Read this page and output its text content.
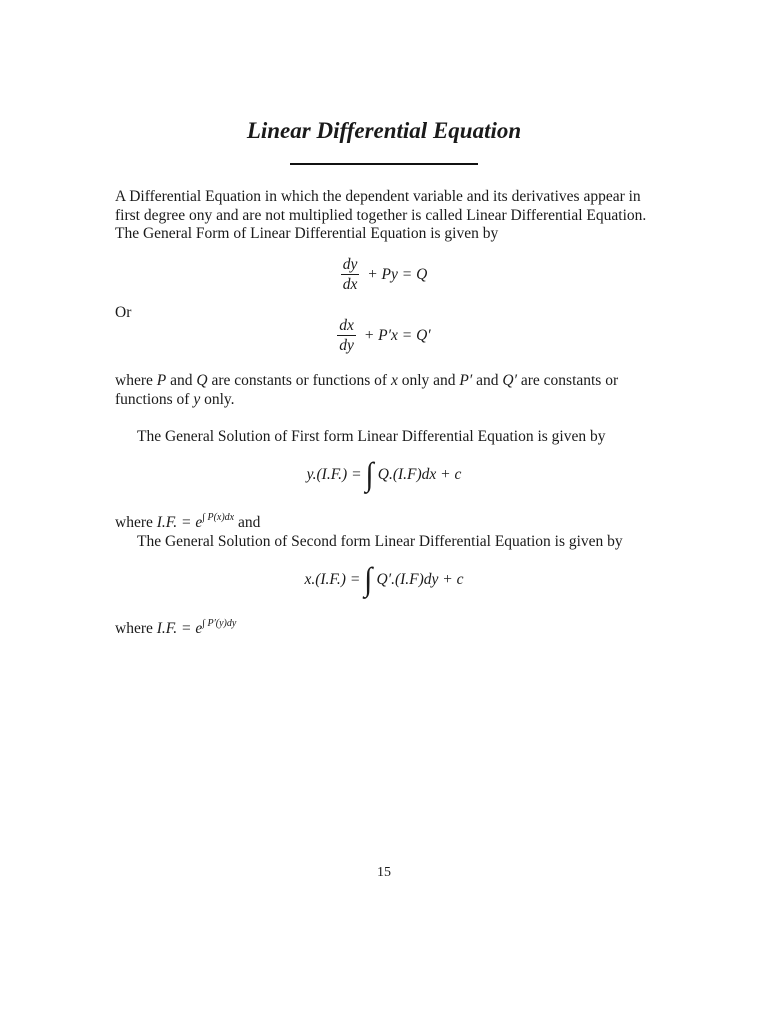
Linear Differential Equation
A Differential Equation in which the dependent variable and its derivatives appear in
first degree ony and are not multiplied together is called Linear Differential Equation.
The General Form of Linear Differential Equation is given by
$\frac{dy}{dx} + Py = Q$
Or
$\frac{dx}{dy} + P'x = Q'$
where P and Q are constants or functions of x only and P′ and Q′ are constants or
functions of y only.
The General Solution of First form Linear Differential Equation is given by
y.(I.F.) = ∫ Q.(I.F)dx + c
where I.F. = $e^{\int P(x)dx}$ and
The General Solution of Second form Linear Differential Equation is given by
x.(I.F.) = ∫ Q′.(I.F)dy + c
where I.F. = $e^{\int P'(y)dy}$
15
